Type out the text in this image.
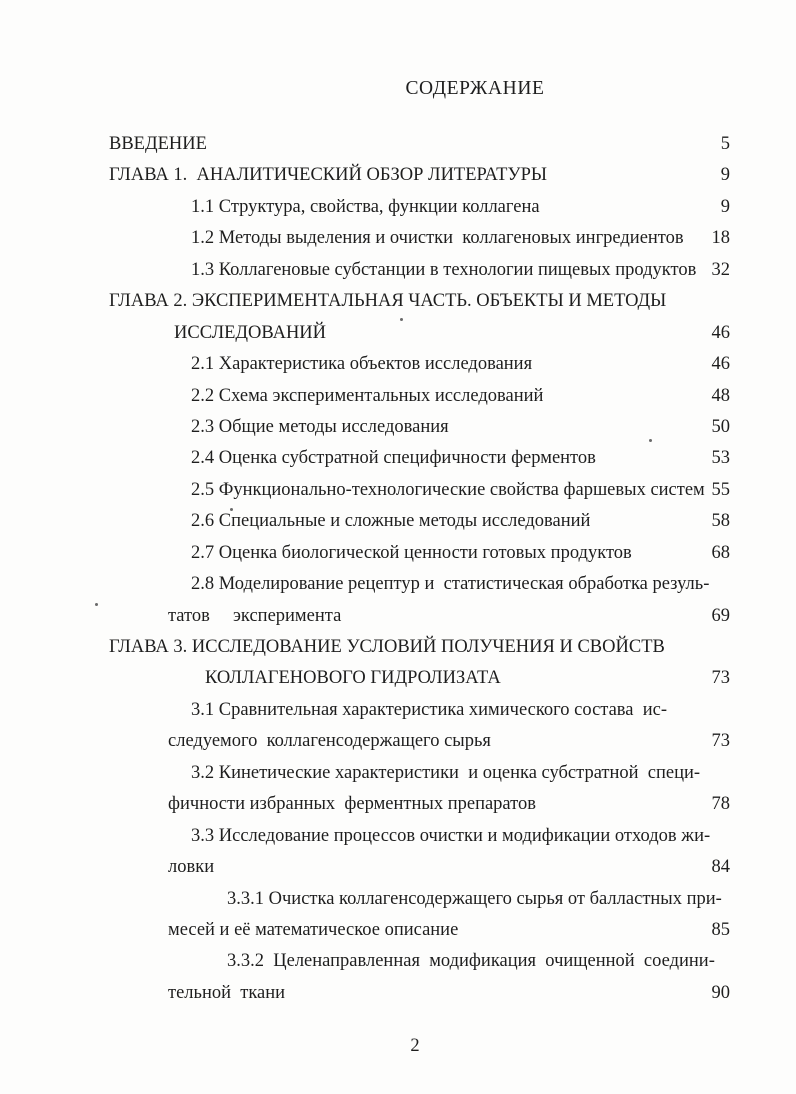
СОДЕРЖАНИЕ
ВВЕДЕНИЕ	5
ГЛАВА 1.  АНАЛИТИЧЕСКИЙ ОБЗОР ЛИТЕРАТУРЫ	9
1.1 Структура, свойства, функции коллагена	9
1.2 Методы выделения и очистки  коллагеновых ингредиентов	18
1.3 Коллагеновые субстанции в технологии пищевых продуктов 32
ГЛАВА 2. ЭКСПЕРИМЕНТАЛЬНАЯ ЧАСТЬ. ОБЪЕКТЫ И МЕТОДЫ
ИССЛЕДОВАНИЙ	46
2.1 Характеристика объектов исследования	46
2.2 Схема экспериментальных исследований	48
2.3 Общие методы исследования	50
2.4 Оценка субстратной специфичности ферментов	53
2.5 Функционально-технологические свойства фаршевых систем 55
2.6 Специальные и сложные методы исследований	58
2.7 Оценка биологической ценности готовых продуктов	68
2.8 Моделирование рецептур и  статистическая обработка резуль-
татов     эксперимента	69
ГЛАВА 3. ИССЛЕДОВАНИЕ УСЛОВИЙ ПОЛУЧЕНИЯ И СВОЙСТВ
КОЛЛАГЕНОВОГО ГИДРОЛИЗАТА	73
3.1 Сравнительная характеристика химического состава  ис-
следуемого  коллагенсодержащего сырья	73
3.2 Кинетические характеристики  и оценка субстратной  специ-
фичности избранных  ферментных препаратов	78
3.3 Исследование процессов очистки и модификации отходов жи-
ловки	84
3.3.1 Очистка коллагенсодержащего сырья от балластных при-
месей и её математическое описание	85
3.3.2  Целенаправленная  модификация  очищенной  соедини-
тельной  ткани	90
2
